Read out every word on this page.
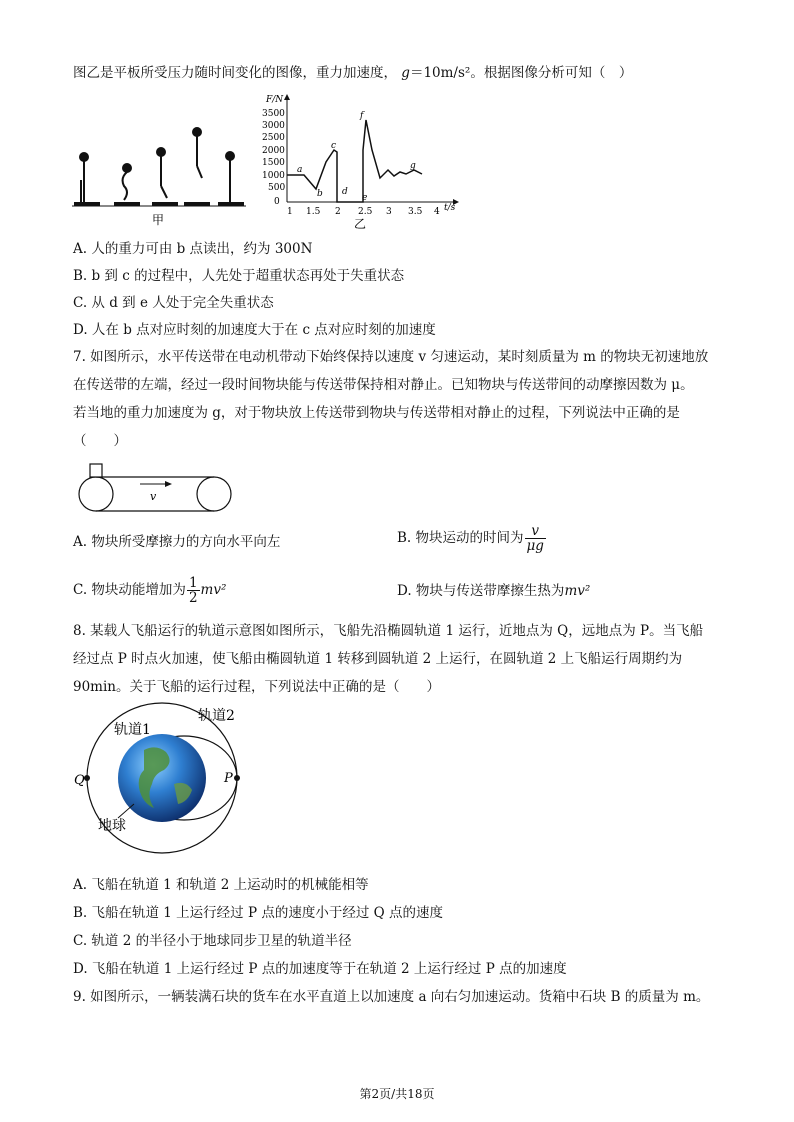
图乙是平板所受压力随时间变化的图像，重力加速度， g＝10m/s²。根据图像分析可知（　）
甲
F/N
t/s
3500
3000
2500
2000
1500
1000
500
0
1 1.5 2 2.5 3 3.5 4
a
b
c
d
e
f
g
乙
A. 人的重力可由 b 点读出，约为 300N
B. b 到 c 的过程中，人先处于超重状态再处于失重状态
C. 从 d 到 e 人处于完全失重状态
D. 人在 b 点对应时刻的加速度大于在 c 点对应时刻的加速度
7. 如图所示，水平传送带在电动机带动下始终保持以速度 v 匀速运动，某时刻质量为 m 的物块无初速地放
在传送带的左端，经过一段时间物块能与传送带保持相对静止。已知物块与传送带间的动摩擦因数为 μ。
若当地的重力加速度为 g，对于物块放上传送带到物块与传送带相对静止的过程，下列说法中正确的是
（　　）
v
A. 物块所受摩擦力的方向水平向左	B. 物块运动的时间为 $\frac{v}{\mu g}$
C. 物块动能增加为 $\frac{1}{2} mv^2$	D. 物块与传送带摩擦生热为mv²
8. 某载人飞船运行的轨道示意图如图所示，飞船先沿椭圆轨道 1 运行，近地点为 Q，远地点为 P。当飞船
经过点 P 时点火加速，使飞船由椭圆轨道 1 转移到圆轨道 2 上运行，在圆轨道 2 上飞船运行周期约为
90min。关于飞船的运行过程，下列说法中正确的是（　　）
轨道1
轨道2
Q	P
地球
A. 飞船在轨道 1 和轨道 2 上运动时的机械能相等
B. 飞船在轨道 1 上运行经过 P 点的速度小于经过 Q 点的速度
C. 轨道 2 的半径小于地球同步卫星的轨道半径
D. 飞船在轨道 1 上运行经过 P 点的加速度等于在轨道 2 上运行经过 P 点的加速度
9. 如图所示，一辆装满石块的货车在水平直道上以加速度 a 向右匀加速运动。货箱中石块 B 的质量为 m。
第2页/共18页
